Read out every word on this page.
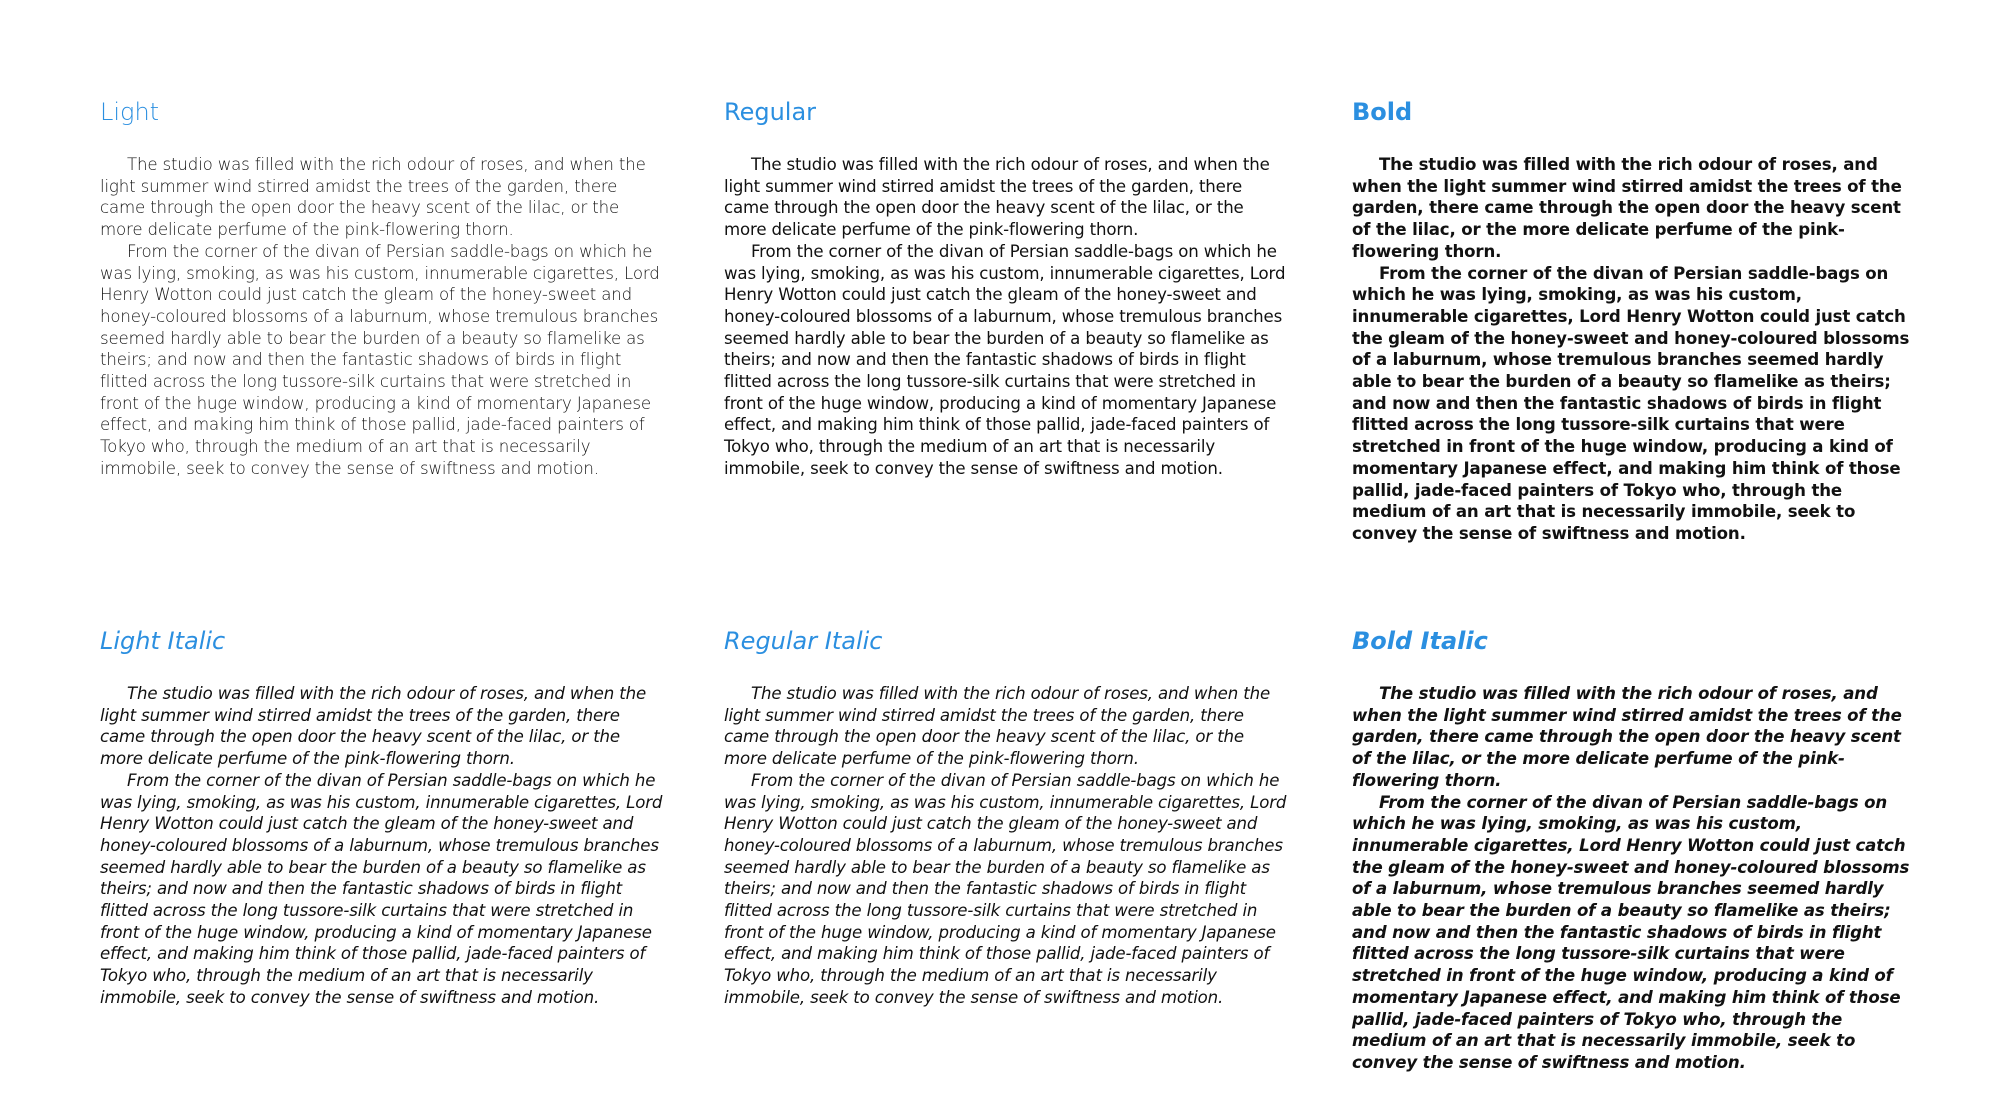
Light

The studio was filled with the rich odour of roses, and when the light summer wind stirred amidst the trees of the garden, there came through the open door the heavy scent of the lilac, or the more delicate perfume of the pink-flowering thorn.

From the corner of the divan of Persian saddle-bags on which he was lying, smoking, as was his custom, innumerable cigarettes, Lord Henry Wotton could just catch the gleam of the honey-sweet and honey-coloured blossoms of a laburnum, whose tremulous branches seemed hardly able to bear the burden of a beauty so flamelike as theirs; and now and then the fantastic shadows of birds in flight flitted across the long tussore-silk curtains that were stretched in front of the huge window, producing a kind of momentary Japanese effect, and making him think of those pallid, jade-faced painters of Tokyo who, through the medium of an art that is necessarily immobile, seek to convey the sense of swiftness and motion.

Regular

The studio was filled with the rich odour of roses, and when the light summer wind stirred amidst the trees of the garden, there came through the open door the heavy scent of the lilac, or the more delicate perfume of the pink-flowering thorn.

From the corner of the divan of Persian saddle-bags on which he was lying, smoking, as was his custom, innumerable cigarettes, Lord Henry Wotton could just catch the gleam of the honey-sweet and honey-coloured blossoms of a laburnum, whose tremulous branches seemed hardly able to bear the burden of a beauty so flamelike as theirs; and now and then the fantastic shadows of birds in flight flitted across the long tussore-silk curtains that were stretched in front of the huge window, producing a kind of momentary Japanese effect, and making him think of those pallid, jade-faced painters of Tokyo who, through the medium of an art that is necessarily immobile, seek to convey the sense of swiftness and motion.

Bold

The studio was filled with the rich odour of roses, and when the light summer wind stirred amidst the trees of the garden, there came through the open door the heavy scent of the lilac, or the more delicate perfume of the pink-flowering thorn.

From the corner of the divan of Persian saddle-bags on which he was lying, smoking, as was his custom, innumerable cigarettes, Lord Henry Wotton could just catch the gleam of the honey-sweet and honey-coloured blossoms of a laburnum, whose tremulous branches seemed hardly able to bear the burden of a beauty so flamelike as theirs; and now and then the fantastic shadows of birds in flight flitted across the long tussore-silk curtains that were stretched in front of the huge window, producing a kind of momentary Japanese effect, and making him think of those pallid, jade-faced painters of Tokyo who, through the medium of an art that is necessarily immobile, seek to convey the sense of swiftness and motion.

Light Italic

The studio was filled with the rich odour of roses, and when the light summer wind stirred amidst the trees of the garden, there came through the open door the heavy scent of the lilac, or the more delicate perfume of the pink-flowering thorn.

From the corner of the divan of Persian saddle-bags on which he was lying, smoking, as was his custom, innumerable cigarettes, Lord Henry Wotton could just catch the gleam of the honey-sweet and honey-coloured blossoms of a laburnum, whose tremulous branches seemed hardly able to bear the burden of a beauty so flamelike as theirs; and now and then the fantastic shadows of birds in flight flitted across the long tussore-silk curtains that were stretched in front of the huge window, producing a kind of momentary Japanese effect, and making him think of those pallid, jade-faced painters of Tokyo who, through the medium of an art that is necessarily immobile, seek to convey the sense of swiftness and motion.

Regular Italic

The studio was filled with the rich odour of roses, and when the light summer wind stirred amidst the trees of the garden, there came through the open door the heavy scent of the lilac, or the more delicate perfume of the pink-flowering thorn.

From the corner of the divan of Persian saddle-bags on which he was lying, smoking, as was his custom, innumerable cigarettes, Lord Henry Wotton could just catch the gleam of the honey-sweet and honey-coloured blossoms of a laburnum, whose tremulous branches seemed hardly able to bear the burden of a beauty so flamelike as theirs; and now and then the fantastic shadows of birds in flight flitted across the long tussore-silk curtains that were stretched in front of the huge window, producing a kind of momentary Japanese effect, and making him think of those pallid, jade-faced painters of Tokyo who, through the medium of an art that is necessarily immobile, seek to convey the sense of swiftness and motion.

Bold Italic

The studio was filled with the rich odour of roses, and when the light summer wind stirred amidst the trees of the garden, there came through the open door the heavy scent of the lilac, or the more delicate perfume of the pink-flowering thorn.

From the corner of the divan of Persian saddle-bags on which he was lying, smoking, as was his custom, innumerable cigarettes, Lord Henry Wotton could just catch the gleam of the honey-sweet and honey-coloured blossoms of a laburnum, whose tremulous branches seemed hardly able to bear the burden of a beauty so flamelike as theirs; and now and then the fantastic shadows of birds in flight flitted across the long tussore-silk curtains that were stretched in front of the huge window, producing a kind of momentary Japanese effect, and making him think of those pallid, jade-faced painters of Tokyo who, through the medium of an art that is necessarily immobile, seek to convey the sense of swiftness and motion.
